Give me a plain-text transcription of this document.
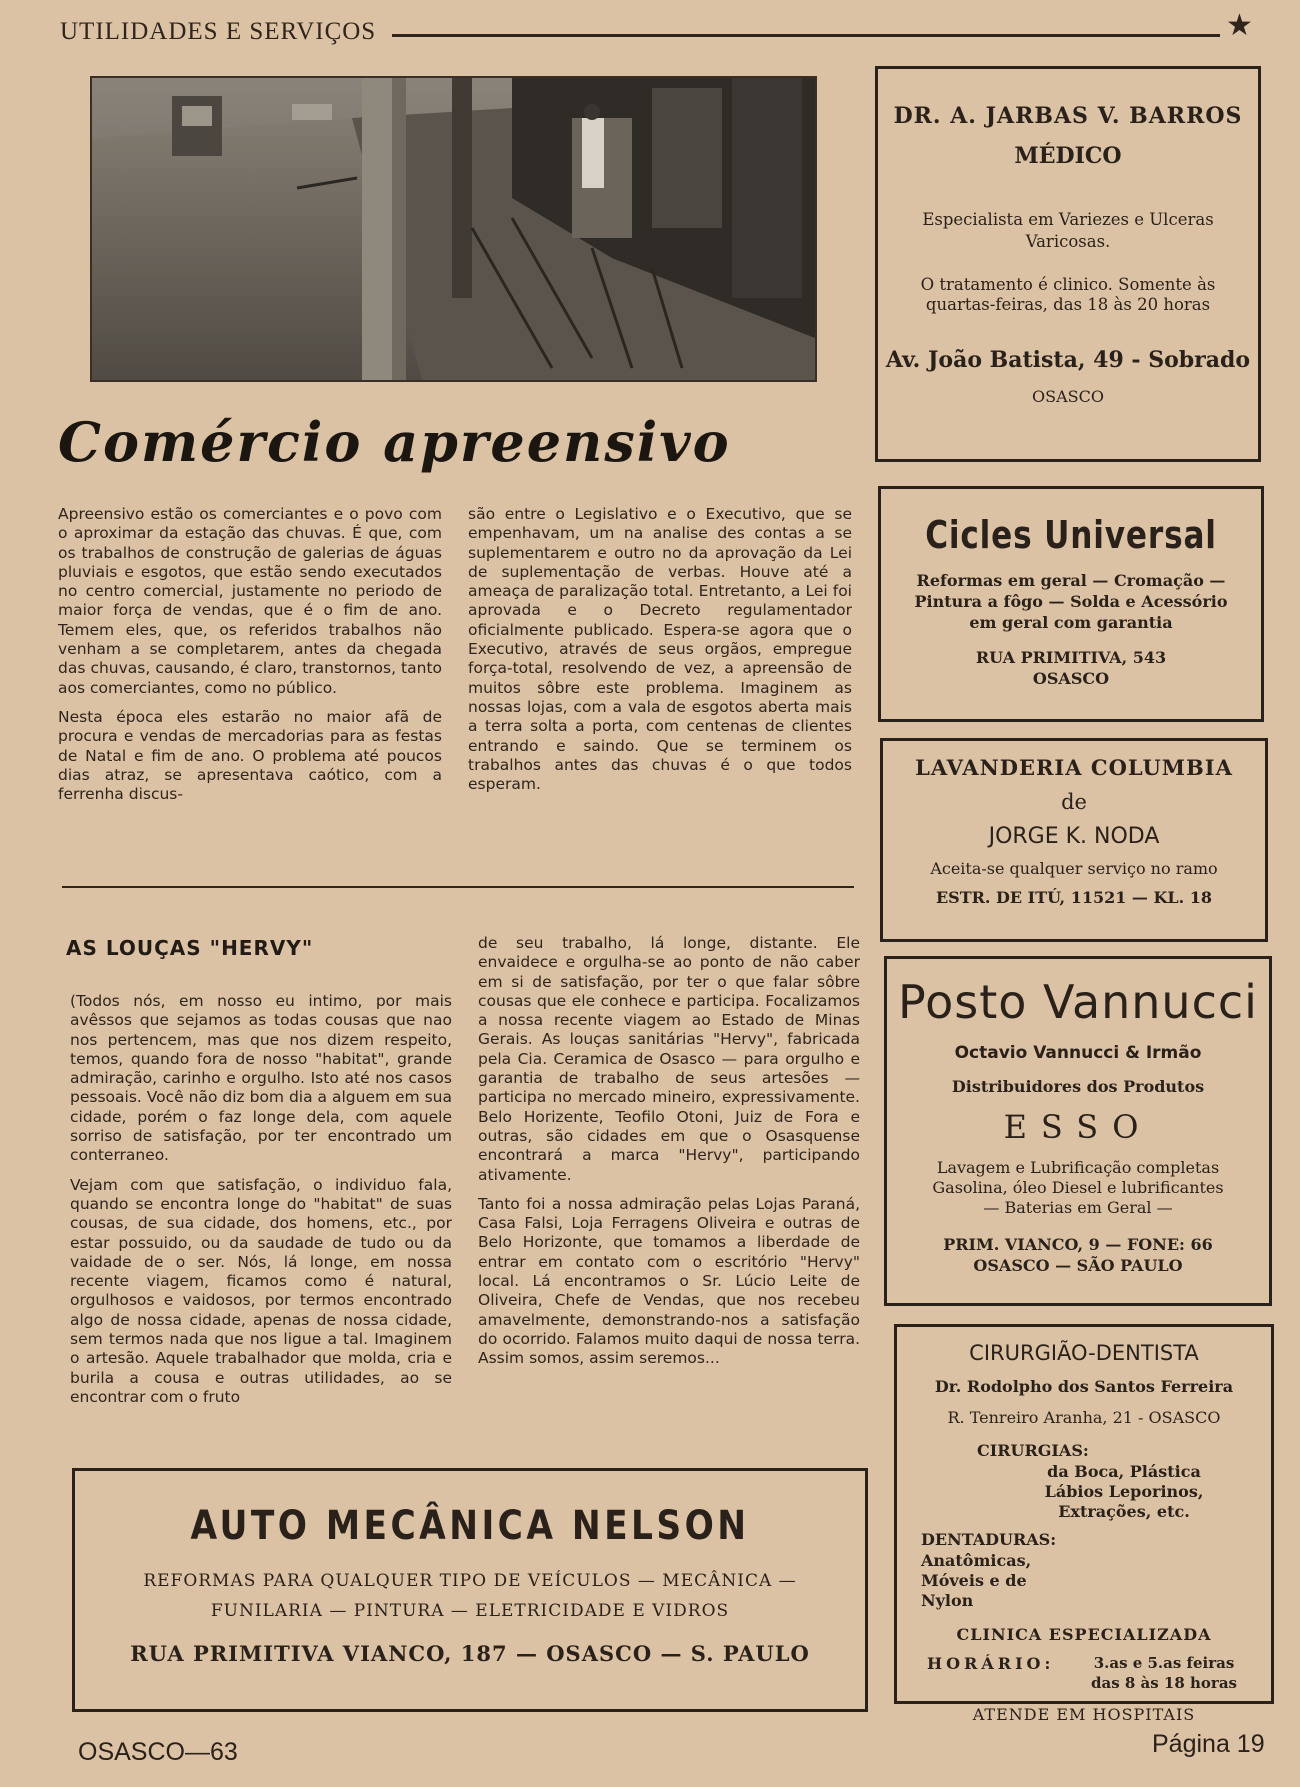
UTILIDADES E SERVIÇOS	★
Comércio apreensivo

Apreensivo estão os comerciantes e o povo com o aproximar da estação das chuvas. É que, com os trabalhos de construção de galerias de águas pluviais e esgotos, que estão sendo executados no centro comercial, justamente no periodo de maior força de vendas, que é o fim de ano. Temem eles, que, os referidos trabalhos não venham a se completarem, antes da chegada das chuvas, causando, é claro, transtornos, tanto aos comerciantes, como no público.

Nesta época eles estarão no maior afã de procura e vendas de mercadorias para as festas de Natal e fim de ano. O problema até poucos dias atraz, se apresentava caótico, com a ferrenha discus-

são entre o Legislativo e o Executivo, que se empenhavam, um na analise des contas a se suplementarem e outro no da aprovação da Lei de suplementação de verbas. Houve até a ameaça de paralização total. Entretanto, a Lei foi aprovada e o Decreto regulamentador oficialmente publicado. Espera-se agora que o Executivo, através de seus orgãos, empregue força-total, resolvendo de vez, a apreensão de muitos sôbre este problema. Imaginem as nossas lojas, com a vala de esgotos aberta mais a terra solta a porta, com centenas de clientes entrando e saindo. Que se terminem os trabalhos antes das chuvas é o que todos esperam.

AS LOUÇAS "HERVY"

(Todos nós, em nosso eu intimo, por mais avêssos que sejamos as todas cousas que nao nos pertencem, mas que nos dizem respeito, temos, quando fora de nosso "habitat", grande admiração, carinho e orgulho. Isto até nos casos pessoais. Você não diz bom dia a alguem em sua cidade, porém o faz longe dela, com aquele sorriso de satisfação, por ter encontrado um conterraneo.

Vejam com que satisfação, o individuo fala, quando se encontra longe do "habitat" de suas cousas, de sua cidade, dos homens, etc., por estar possuido, ou da saudade de tudo ou da vaidade de o ser. Nós, lá longe, em nossa recente viagem, ficamos como é natural, orgulhosos e vaidosos, por termos encontrado algo de nossa cidade, apenas de nossa cidade, sem termos nada que nos ligue a tal. Imaginem o artesão. Aquele trabalhador que molda, cria e burila a cousa e outras utilidades, ao se encontrar com o fruto

de seu trabalho, lá longe, distante. Ele envaidece e orgulha-se ao ponto de não caber em si de satisfação, por ter o que falar sôbre cousas que ele conhece e participa. Focalizamos a nossa recente viagem ao Estado de Minas Gerais. As louças sanitárias "Hervy", fabricada pela Cia. Ceramica de Osasco — para orgulho e garantia de trabalho de seus artesões — participa no mercado mineiro, expressivamente. Belo Horizente, Teofilo Otoni, Juiz de Fora e outras, são cidades em que o Osasquense encontrará a marca "Hervy", participando ativamente.

Tanto foi a nossa admiração pelas Lojas Paraná, Casa Falsi, Loja Ferragens Oliveira e outras de Belo Horizonte, que tomamos a liberdade de entrar em contato com o escritório "Hervy" local. Lá encontramos o Sr. Lúcio Leite de Oliveira, Chefe de Vendas, que nos recebeu amavelmente, demonstrando-nos a satisfação do ocorrido. Falamos muito daqui de nossa terra. Assim somos, assim seremos...

DR. A. JARBAS V. BARROS
MÉDICO
Especialista em Variezes e Ulceras Varicosas.
O tratamento é clinico. Somente às quartas-feiras, das 18 às 20 horas
Av. João Batista, 49 - Sobrado
OSASCO
Cicles Universal
Reformas em geral — Cromação —
Pintura a fôgo — Solda e Acessório
em geral com garantia
RUA PRIMITIVA, 543
OSASCO
LAVANDERIA COLUMBIA
de
JORGE K. NODA
Aceita-se qualquer serviço no ramo
ESTR. DE ITÚ, 11521 — KL. 18
Posto Vannucci
Octavio Vannucci & Irmão
Distribuidores dos Produtos
ESSO
Lavagem e Lubrificação completas Gasolina, óleo Diesel e lubrificantes
— Baterias em Geral —
PRIM. VIANCO, 9 — FONE: 66
OSASCO — SÃO PAULO
CIRURGIÃO-DENTISTA
Dr. Rodolpho dos Santos Ferreira
R. Tenreiro Aranha, 21 - OSASCO
CIRURGIAS:
da Boca, Plástica Lábios Leporinos, Extrações, etc.
DENTADURAS:
Anatômicas, Móveis e de Nylon
CLINICA ESPECIALIZADA
HORÁRIO:	3.as e 5.as feiras das 8 às 18 horas
ATENDE EM HOSPITAIS
AUTO MECÂNICA NELSON
REFORMAS PARA QUALQUER TIPO DE VEÍCULOS — MECÂNICA —
FUNILARIA — PINTURA — ELETRICIDADE E VIDROS
RUA PRIMITIVA VIANCO, 187 — OSASCO — S. PAULO
OSASCO—63	Página 19
